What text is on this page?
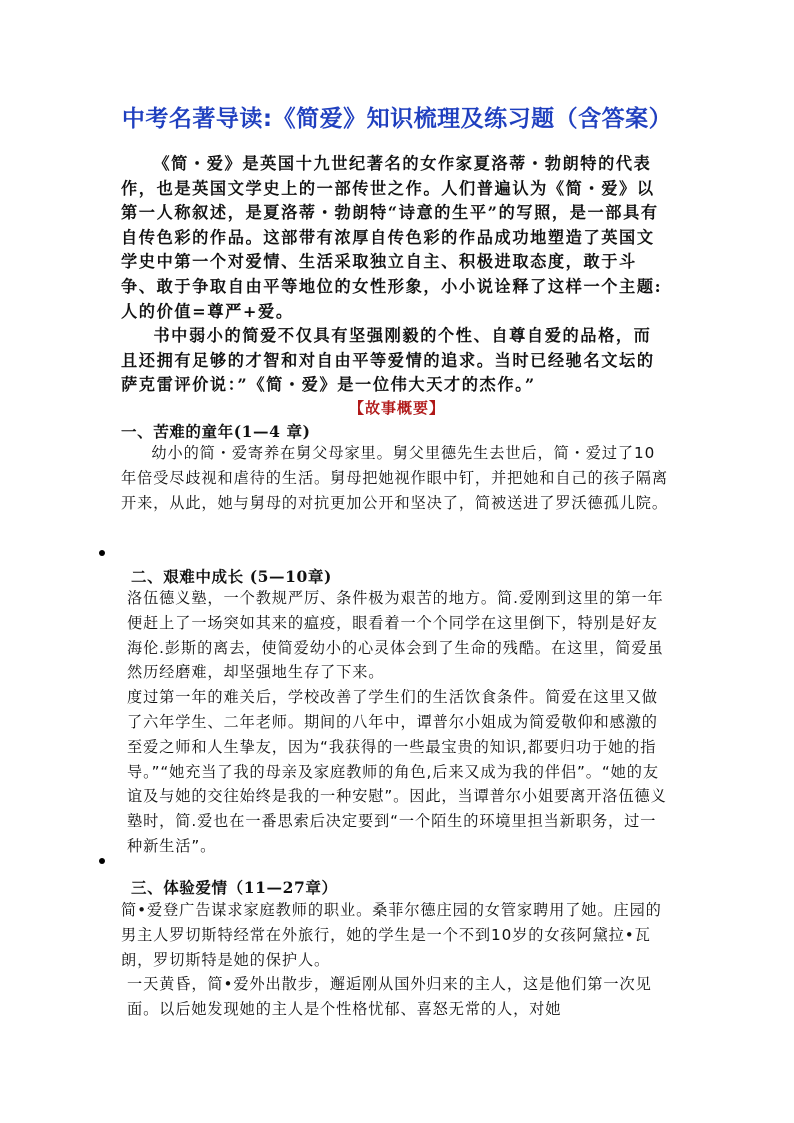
中考名著导读:《简爱》知识梳理及练习题（含答案）

《简・爱》是英国十九世纪著名的女作家夏洛蒂・勃朗特的代表作，也是英国文学史上的一部传世之作。人们普遍认为《简・爱》以第一人称叙述，是夏洛蒂・勃朗特“诗意的生平”的写照，是一部具有自传色彩的作品。这部带有浓厚自传色彩的作品成功地塑造了英国文学史中第一个对爱情、生活采取独立自主、积极进取态度，敢于斗争、敢于争取自由平等地位的女性形象，小小说诠释了这样一个主题:人的价值=尊严+爱。

书中弱小的简爱不仅具有坚强刚毅的个性、自尊自爱的品格，而且还拥有足够的才智和对自由平等爱情的追求。当时已经驰名文坛的萨克雷评价说：”《简・爱》是一位伟大天才的杰作。”

【故事概要】
一、苦难的童年(1—4 章)

幼小的简・爱寄养在舅父母家里。舅父里德先生去世后，简・爱过了10年倍受尽歧视和虐待的生活。舅母把她视作眼中钉，并把她和自己的孩子隔离开来，从此，她与舅母的对抗更加公开和坚决了，简被送进了罗沃德孤儿院。

二、艰难中成长 (5—10章)

洛伍德义塾，一个教规严厉、条件极为艰苦的地方。简.爱刚到这里的第一年便赶上了一场突如其来的瘟疫，眼看着一个个同学在这里倒下，特别是好友海伦.彭斯的离去，使简爱幼小的心灵体会到了生命的残酷。在这里，简爱虽然历经磨难，却坚强地生存了下来。

度过第一年的难关后，学校改善了学生们的生活饮食条件。简爱在这里又做了六年学生、二年老师。期间的八年中，谭普尔小姐成为简爱敬仰和感激的至爱之师和人生挚友，因为“我获得的一些最宝贵的知识,都要归功于她的指导。”“她充当了我的母亲及家庭教师的角色,后来又成为我的伴侣”。“她的友谊及与她的交往始终是我的一种安慰”。因此，当谭普尔小姐要离开洛伍德义塾时，简.爱也在一番思索后决定要到“一个陌生的环境里担当新职务，过一种新生活”。

三、体验爱情（11—27章）

简•爱登广告谋求家庭教师的职业。桑菲尔德庄园的女管家聘用了她。庄园的男主人罗切斯特经常在外旅行，她的学生是一个不到10岁的女孩阿黛拉•瓦朗，罗切斯特是她的保护人。

一天黄昏，简•爱外出散步，邂逅刚从国外归来的主人，这是他们第一次见面。以后她发现她的主人是个性格忧郁、喜怒无常的人，对她
